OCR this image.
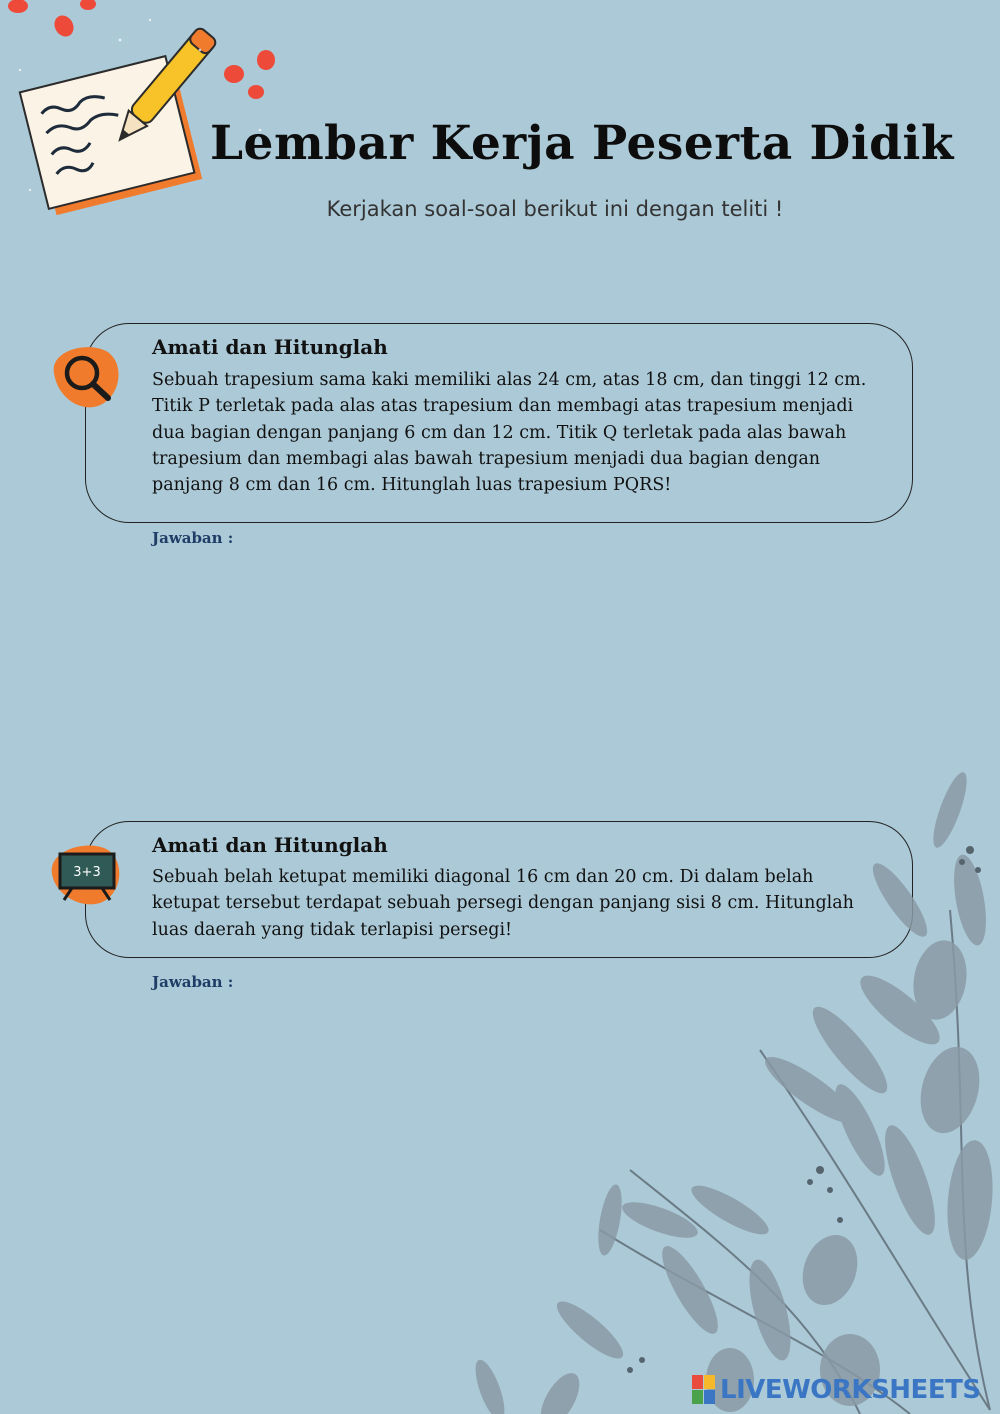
Lembar Kerja Peserta Didik
Kerjakan soal-soal berikut ini dengan teliti !
Amati dan Hitunglah
Sebuah trapesium sama kaki memiliki alas 24 cm, atas 18 cm, dan tinggi 12 cm. Titik P terletak pada alas atas trapesium dan membagi atas trapesium menjadi dua bagian dengan panjang 6 cm dan 12 cm. Titik Q terletak pada alas bawah trapesium dan membagi alas bawah trapesium menjadi dua bagian dengan panjang 8 cm dan 16 cm. Hitunglah luas trapesium PQRS!
Jawaban :
3+3
Amati dan Hitunglah
Sebuah belah ketupat memiliki diagonal 16 cm dan 20 cm. Di dalam belah ketupat tersebut terdapat sebuah persegi dengan panjang sisi 8 cm. Hitunglah luas daerah yang tidak terlapisi persegi!
Jawaban :
LIVEWORKSHEETS
